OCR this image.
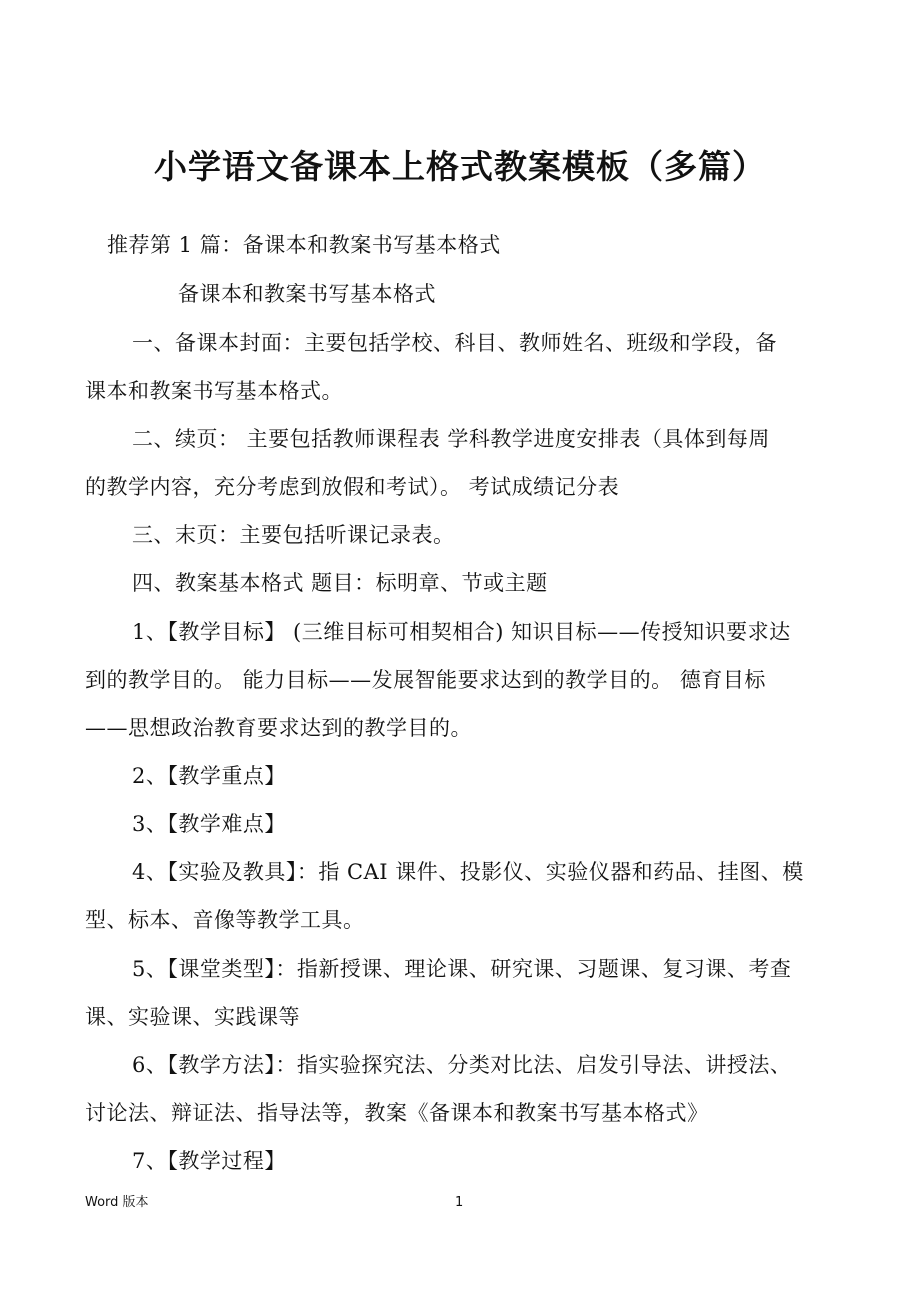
小学语文备课本上格式教案模板（多篇）
推荐第 1 篇：备课本和教案书写基本格式
备课本和教案书写基本格式
一、备课本封面：主要包括学校、科目、教师姓名、班级和学段，备
课本和教案书写基本格式。
二、续页： 主要包括教师课程表 学科教学进度安排表（具体到每周
的教学内容，充分考虑到放假和考试）。 考试成绩记分表
三、末页：主要包括听课记录表。
四、教案基本格式 题目：标明章、节或主题
1、【教学目标】 (三维目标可相契相合) 知识目标——传授知识要求达
到的教学目的。 能力目标——发展智能要求达到的教学目的。 德育目标
——思想政治教育要求达到的教学目的。
2、【教学重点】
3、【教学难点】
4、【实验及教具】：指 CAI 课件、投影仪、实验仪器和药品、挂图、模
型、标本、音像等教学工具。
5、【课堂类型】：指新授课、理论课、研究课、习题课、复习课、考查
课、实验课、实践课等
6、【教学方法】：指实验探究法、分类对比法、启发引导法、讲授法、
讨论法、辩证法、指导法等，教案《备课本和教案书写基本格式》
7、【教学过程】
Word 版本	1
